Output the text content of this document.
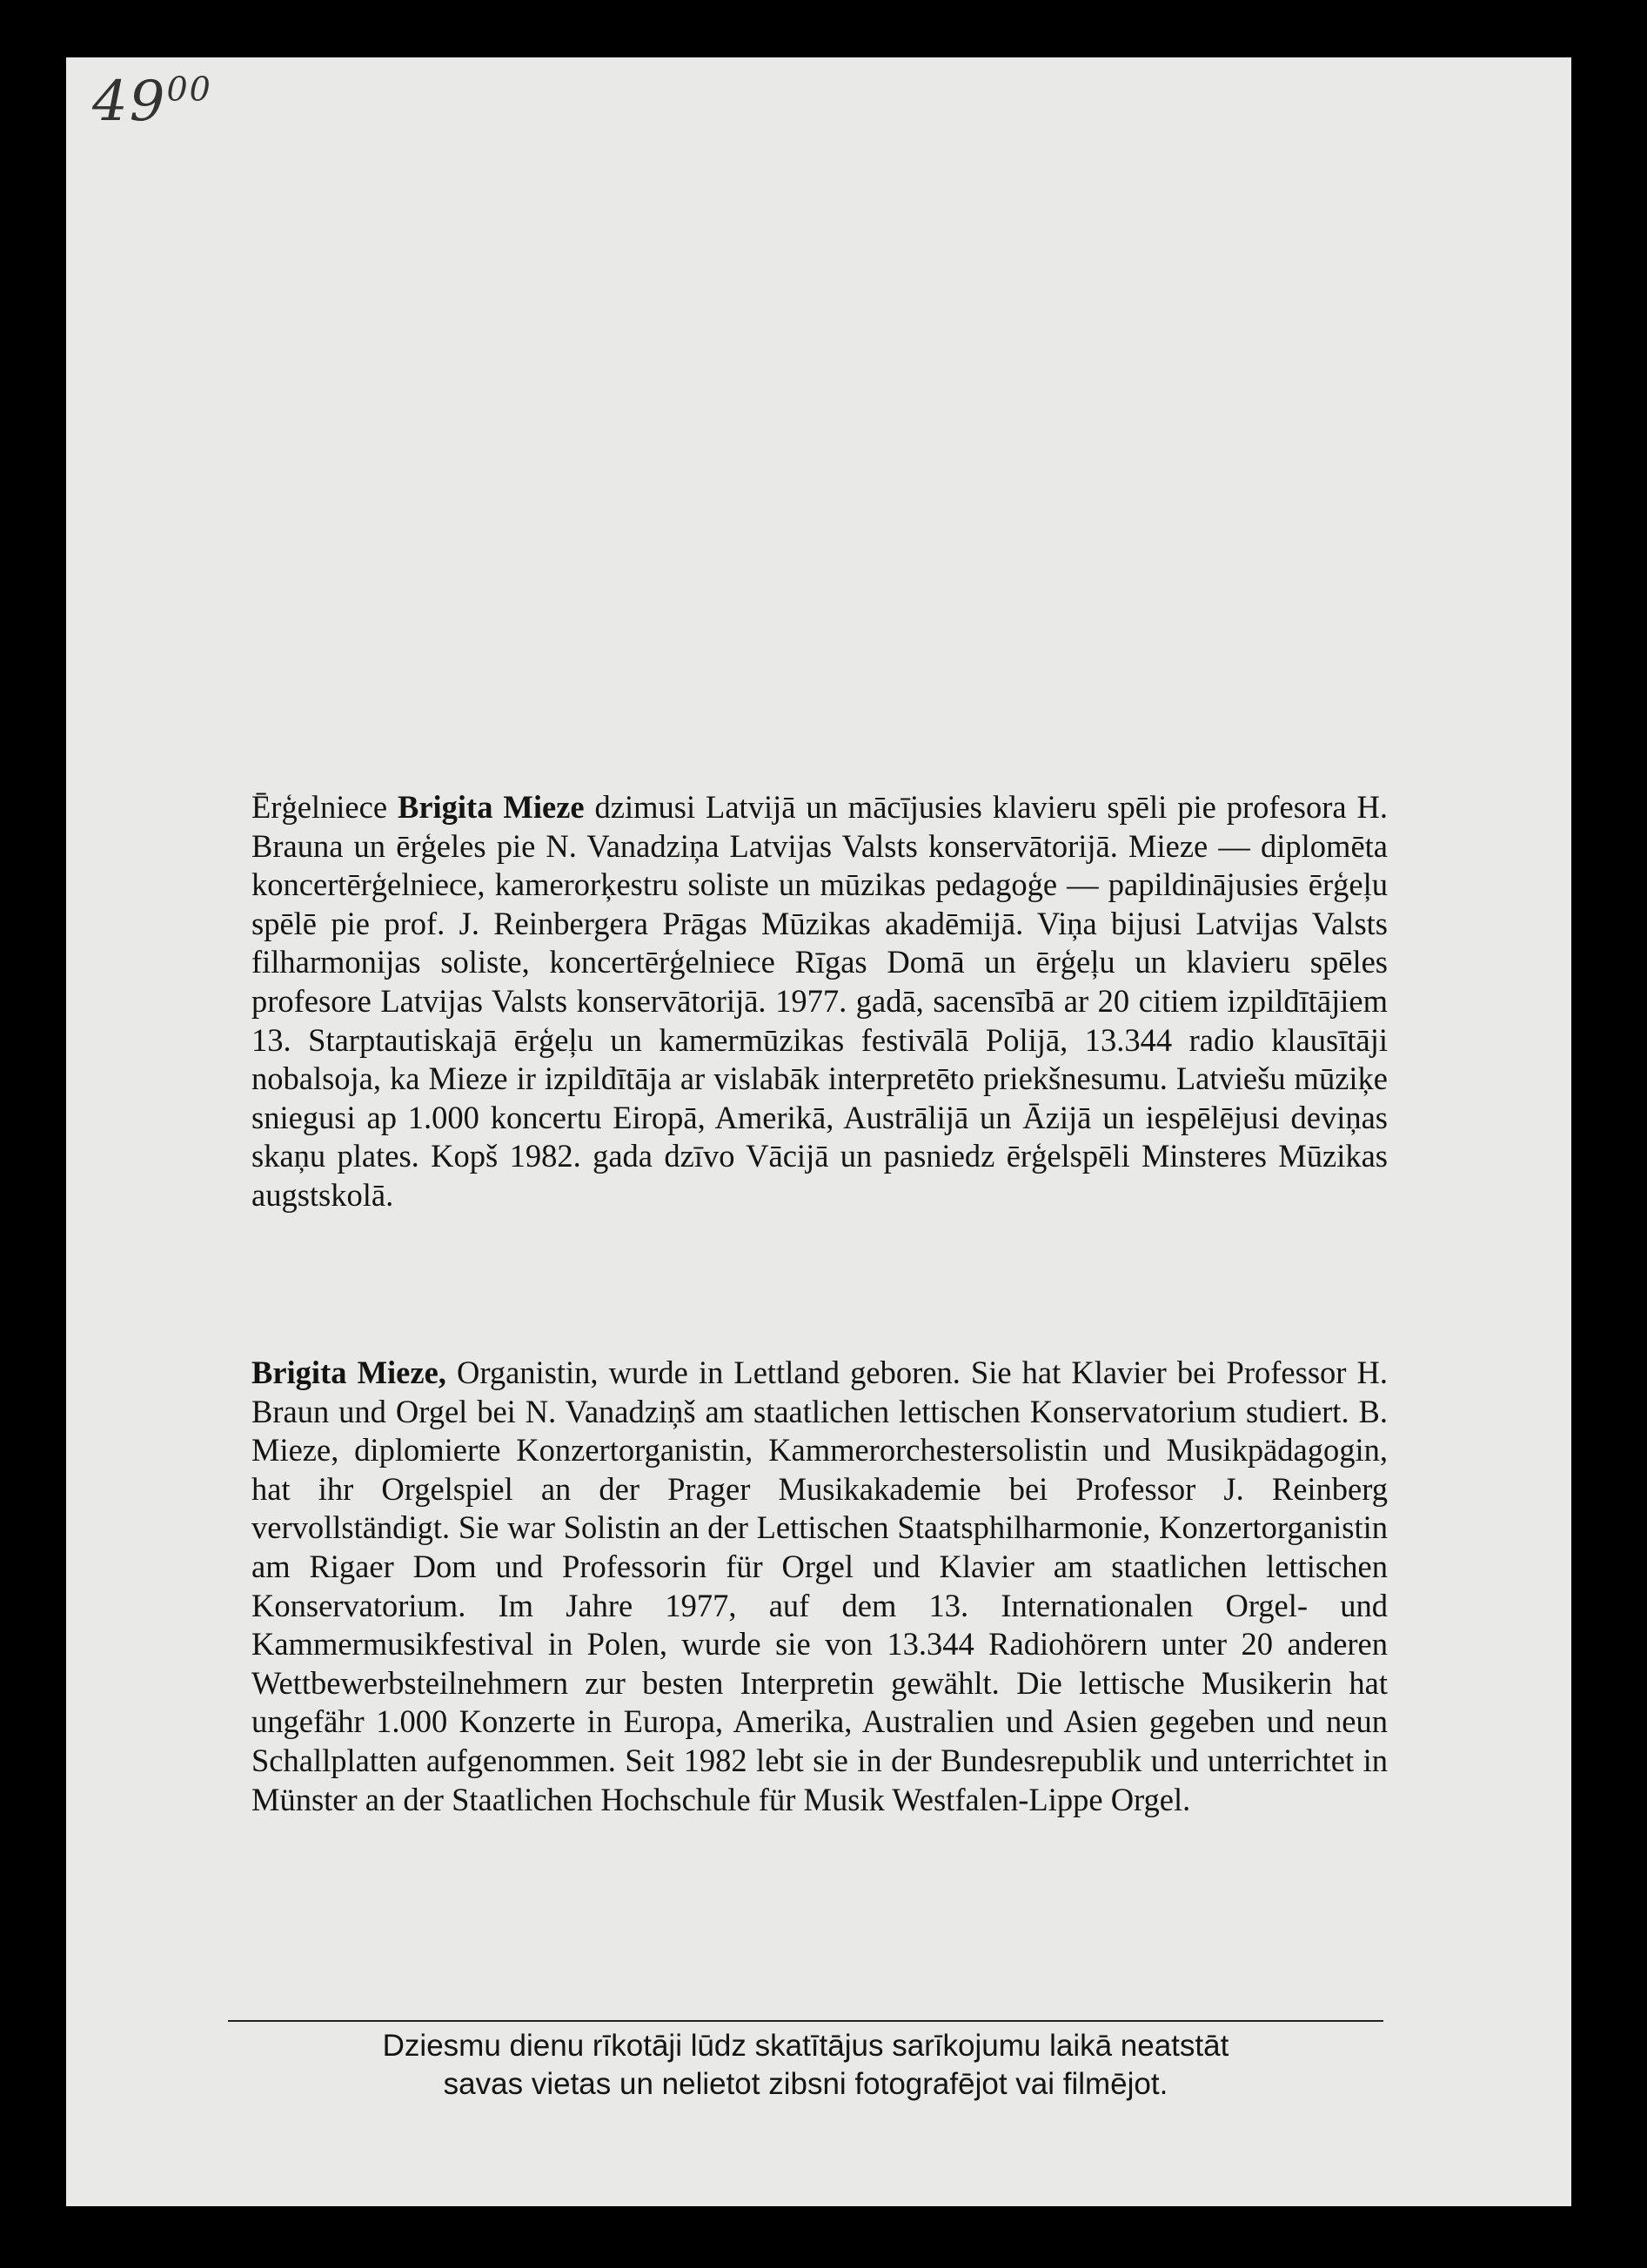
$49^{00}$

Ērģelniece Brigita Mieze dzimusi Latvijā un mācījusies klavieru spēli pie profesora H. Brauna un ērģeles pie N. Vanadziņa Latvijas Valsts konservātorijā. Mieze — diplomēta koncertērģelniece, kamerorķestru soliste un mūzikas pedagoģe — papildinājusies ērģeļu spēlē pie prof. J. Reinbergera Prāgas Mūzikas akadēmijā. Viņa bijusi Latvijas Valsts filharmonijas soliste, koncertērģelniece Rīgas Domā un ērģeļu un klavieru spēles profesore Latvijas Valsts konservātorijā. 1977. gadā, sacensībā ar 20 citiem izpildītājiem 13. Starptautiskajā ērģeļu un kamermūzikas festivālā Polijā, 13.344 radio klausītāji nobalsoja, ka Mieze ir izpildītāja ar vislabāk interpretēto priekšnesumu. Latviešu mūziķe sniegusi ap 1.000 koncertu Eiropā, Amerikā, Austrālijā un Āzijā un iespēlējusi deviņas skaņu plates. Kopš 1982. gada dzīvo Vācijā un pasniedz ērģelspēli Minsteres Mūzikas augstskolā.

Brigita Mieze, Organistin, wurde in Lettland geboren. Sie hat Klavier bei Professor H. Braun und Orgel bei N. Vanadziņš am staatlichen lettischen Konservatorium studiert. B. Mieze, diplomierte Konzertorganistin, Kammerorchestersolistin und Musikpädagogin, hat ihr Orgelspiel an der Prager Musikakademie bei Professor J. Reinberg vervollständigt. Sie war Solistin an der Lettischen Staatsphilharmonie, Konzertorganistin am Rigaer Dom und Professorin für Orgel und Klavier am staatlichen lettischen Konservatorium. Im Jahre 1977, auf dem 13. Internationalen Orgel- und Kammermusikfestival in Polen, wurde sie von 13.344 Radiohörern unter 20 anderen Wettbewerbsteilnehmern zur besten Interpretin gewählt. Die lettische Musikerin hat ungefähr 1.000 Konzerte in Europa, Amerika, Australien und Asien gegeben und neun Schallplatten aufgenommen. Seit 1982 lebt sie in der Bundesrepublik und unterrichtet in Münster an der Staatlichen Hochschule für Musik Westfalen-Lippe Orgel.

Dziesmu dienu rīkotāji lūdz skatītājus sarīkojumu laikā neatstāt
savas vietas un nelietot zibsni fotografējot vai filmējot.
